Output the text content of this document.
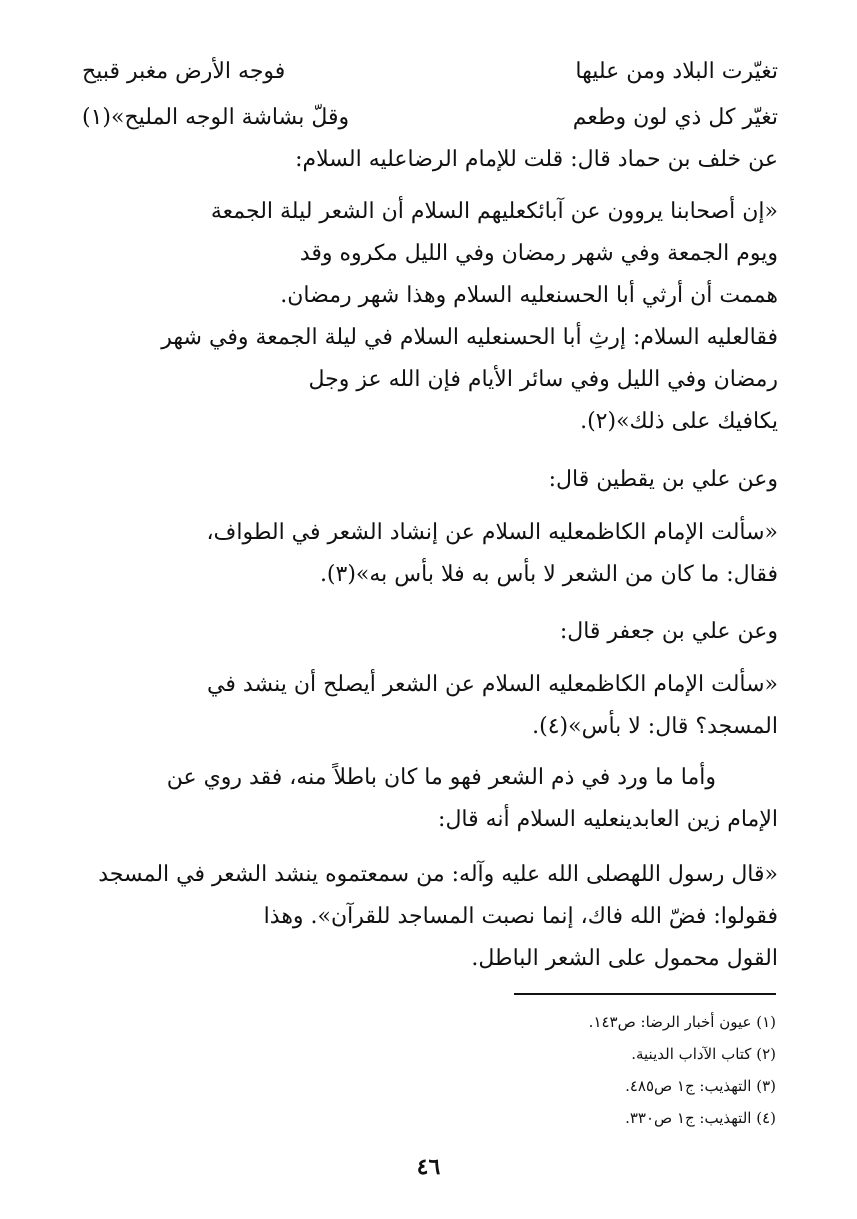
تغيّرت البلاد ومن عليها
فوجه الأرض مغبر قبيح
تغيّر كل ذي لون وطعم
وقلّ بشاشة الوجه المليح»(١)
عن خلف بن حماد قال: قلت للإمام الرضاعليه السلام:
«إن أصحابنا يروون عن آبائكعليهم السلام أن الشعر ليلة الجمعة
ويوم الجمعة وفي شهر رمضان وفي الليل مكروه وقد
هممت أن أرثي أبا الحسنعليه السلام وهذا شهر رمضان.
فقالعليه السلام: إرثِ أبا الحسنعليه السلام في ليلة الجمعة وفي شهر
رمضان وفي الليل وفي سائر الأيام فإن الله عز وجل
يكافيك على ذلك»(٢).
وعن علي بن يقطين قال:
«سألت الإمام الكاظمعليه السلام عن إنشاد الشعر في الطواف،
فقال: ما كان من الشعر لا بأس به فلا بأس به»(٣).
وعن علي بن جعفر قال:
«سألت الإمام الكاظمعليه السلام عن الشعر أيصلح أن ينشد في
المسجد؟ قال: لا بأس»(٤).
وأما ما ورد في ذم الشعر فهو ما كان باطلاً منه، فقد روي عن
الإمام زين العابدينعليه السلام أنه قال:
«قال رسول اللهصلى الله عليه وآله: من سمعتموه ينشد الشعر في المسجد
فقولوا: فضّ الله فاك، إنما نصبت المساجد للقرآن». وهذا
القول محمول على الشعر الباطل.
(١) عيون أخبار الرضا: ص١٤٣.
(٢) كتاب الآداب الدينية.
(٣) التهذيب: ج١ ص٤٨٥.
(٤) التهذيب: ج١ ص٣٣٠.
٤٦
